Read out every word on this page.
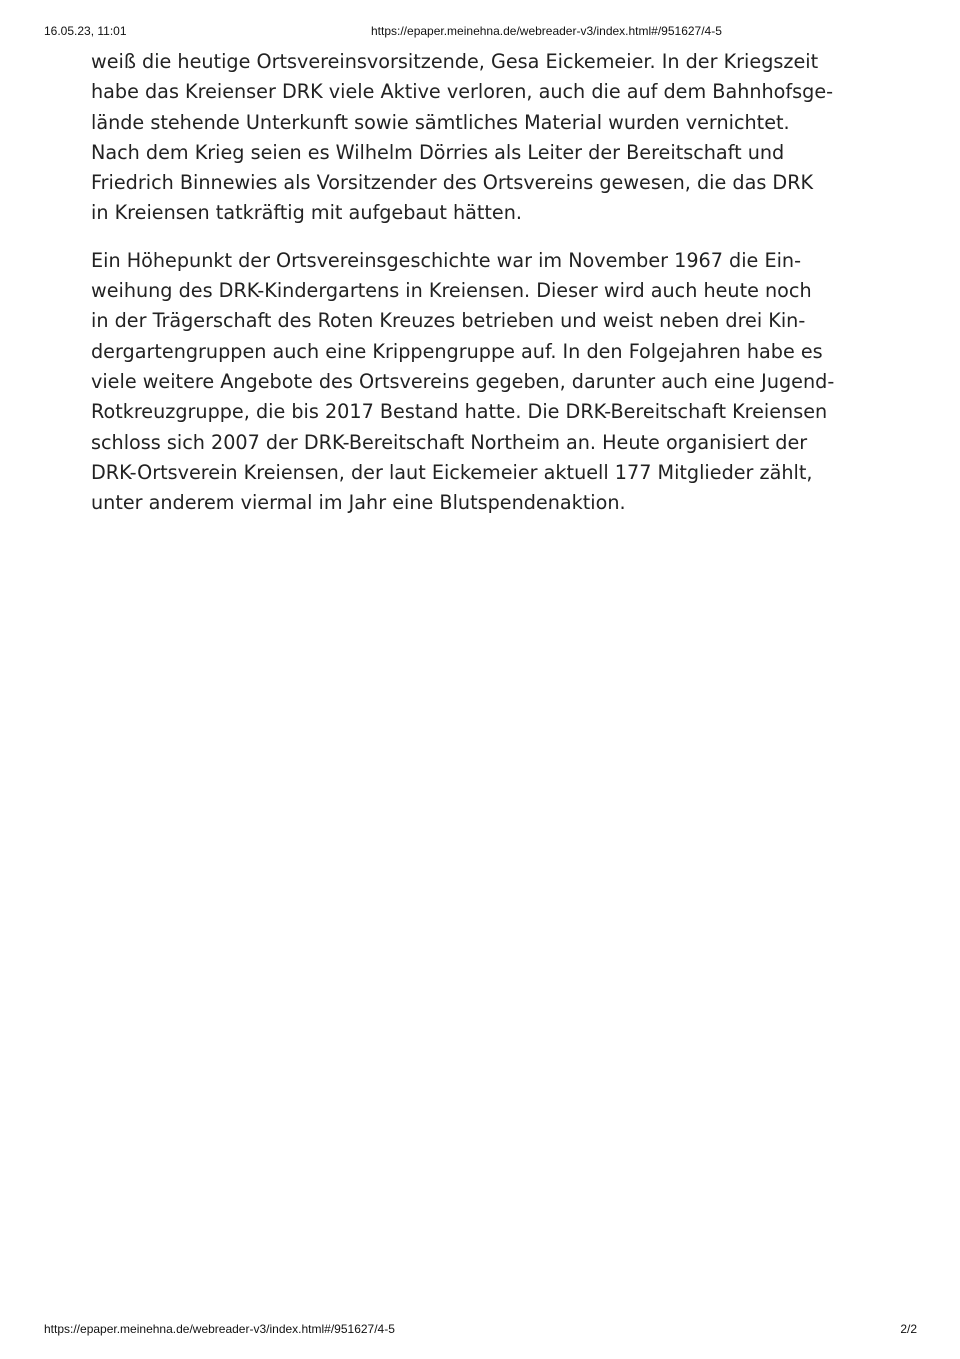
16.05.23, 11:01	https://epaper.meinehna.de/webreader-v3/index.html#/951627/4-5

weiß die heutige Ortsvereinsvorsitzende, Gesa Eickemeier. In der Kriegszeit
habe das Kreienser DRK viele Aktive verloren, auch die auf dem Bahnhofsge-
lände stehende Unterkunft sowie sämtliches Material wurden vernichtet.
Nach dem Krieg seien es Wilhelm Dörries als Leiter der Bereitschaft und
Friedrich Binnewies als Vorsitzender des Ortsvereins gewesen, die das DRK
in Kreiensen tatkräftig mit aufgebaut hätten.

Ein Höhepunkt der Ortsvereinsgeschichte war im November 1967 die Ein-
weihung des DRK-Kindergartens in Kreiensen. Dieser wird auch heute noch
in der Trägerschaft des Roten Kreuzes betrieben und weist neben drei Kin-
dergartengruppen auch eine Krippengruppe auf. In den Folgejahren habe es
viele weitere Angebote des Ortsvereins gegeben, darunter auch eine Jugend-
Rotkreuzgruppe, die bis 2017 Bestand hatte. Die DRK-Bereitschaft Kreiensen
schloss sich 2007 der DRK-Bereitschaft Northeim an. Heute organisiert der
DRK-Ortsverein Kreiensen, der laut Eickemeier aktuell 177 Mitglieder zählt,
unter anderem viermal im Jahr eine Blutspendenaktion.

https://epaper.meinehna.de/webreader-v3/index.html#/951627/4-5	2/2
